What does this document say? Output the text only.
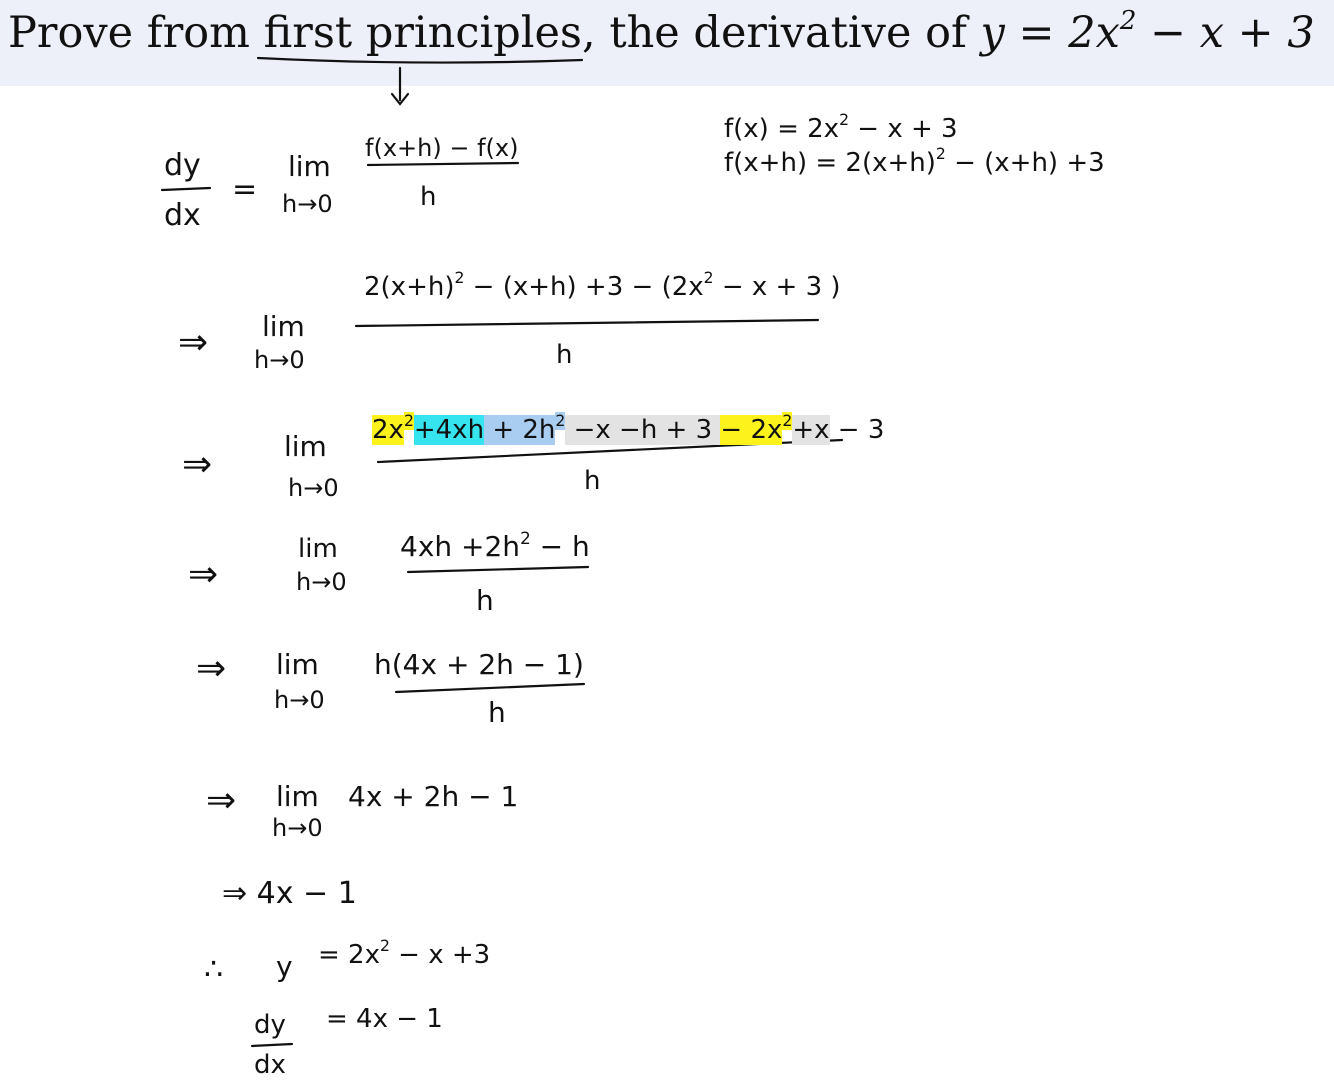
Prove from first principles, the derivative of $y = 2x^2 - x + 3$
dy
dx
=
lim
h→0
f(x+h) − f(x)
h
$f(x) = 2x^2 - x + 3$
$f(x+h) = 2(x+h)^2 - (x+h) +3$
⇒ lim
h→0
$2(x+h)^2 - (x+h) +3 - (2x^2 - x + 3$ )
h
⇒	lim
h→0
$2x^2+4xh + 2h^2 -x -h + 3 - 2x^2+x - 3$
h
⇒
lim
h→0
$4xh +2h^2 - h$
h
⇒ lim
h→0
h(4x + 2h − 1)
h
⇒ lim
h→0
4x + 2h − 1
⇒ 4x − 1
∴ $y = 2x^2 - x +3$
dy
dx
= 4x − 1
